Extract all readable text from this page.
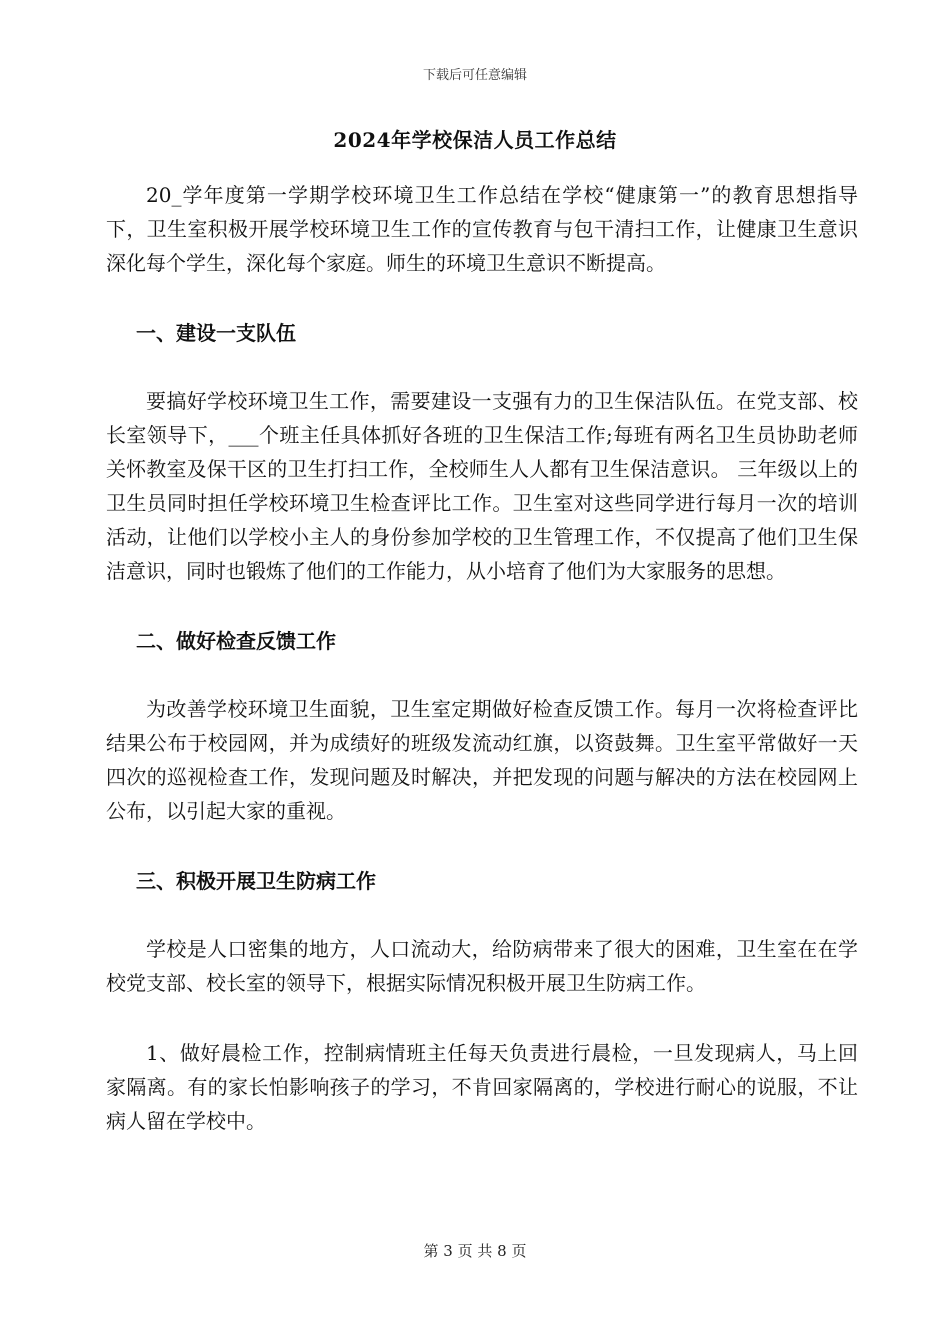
下载后可任意编辑
2024年学校保洁人员工作总结

20_学年度第一学期学校环境卫生工作总结在学校“健康第一”的教育思想指导下，卫生室积极开展学校环境卫生工作的宣传教育与包干清扫工作，让健康卫生意识深化每个学生，深化每个家庭。师生的环境卫生意识不断提高。

一、建设一支队伍

要搞好学校环境卫生工作，需要建设一支强有力的卫生保洁队伍。在党支部、校长室领导下，___个班主任具体抓好各班的卫生保洁工作;每班有两名卫生员协助老师关怀教室及保干区的卫生打扫工作，全校师生人人都有卫生保洁意识。 三年级以上的卫生员同时担任学校环境卫生检查评比工作。卫生室对这些同学进行每月一次的培训活动，让他们以学校小主人的身份参加学校的卫生管理工作，不仅提高了他们卫生保洁意识，同时也锻炼了他们的工作能力，从小培育了他们为大家服务的思想。

二、做好检查反馈工作

为改善学校环境卫生面貌，卫生室定期做好检查反馈工作。每月一次将检查评比结果公布于校园网，并为成绩好的班级发流动红旗，以资鼓舞。卫生室平常做好一天四次的巡视检查工作，发现问题及时解决，并把发现的问题与解决的方法在校园网上公布，以引起大家的重视。

三、积极开展卫生防病工作

学校是人口密集的地方，人口流动大，给防病带来了很大的困难，卫生室在在学校党支部、校长室的领导下，根据实际情况积极开展卫生防病工作。

1、做好晨检工作，控制病情班主任每天负责进行晨检，一旦发现病人，马上回家隔离。有的家长怕影响孩子的学习，不肯回家隔离的，学校进行耐心的说服，不让病人留在学校中。

第 3 页 共 8 页
